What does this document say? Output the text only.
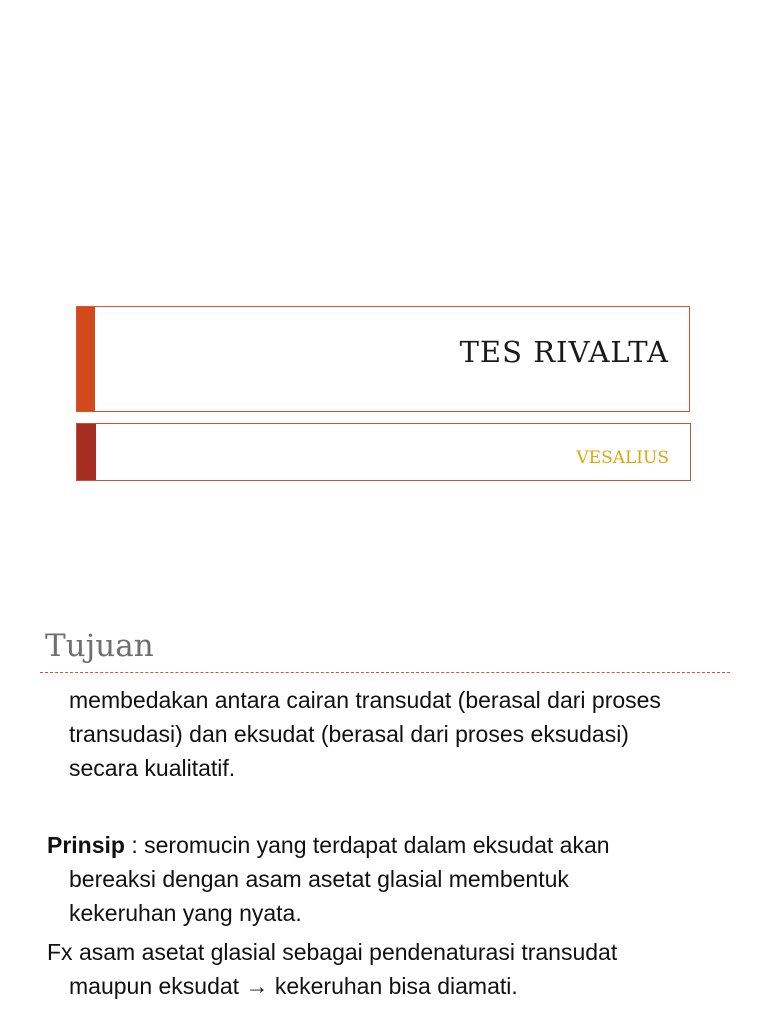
TES RIVALTA
VESALIUS
Tujuan

membedakan antara cairan transudat (berasal dari proses
transudasi) dan eksudat (berasal dari proses eksudasi)
secara kualitatif.

Prinsip : seromucin yang terdapat dalam eksudat akan
bereaksi dengan asam asetat glasial membentuk
kekeruhan yang nyata.

Fx asam asetat glasial sebagai pendenaturasi transudat
maupun eksudat → kekeruhan bisa diamati.
